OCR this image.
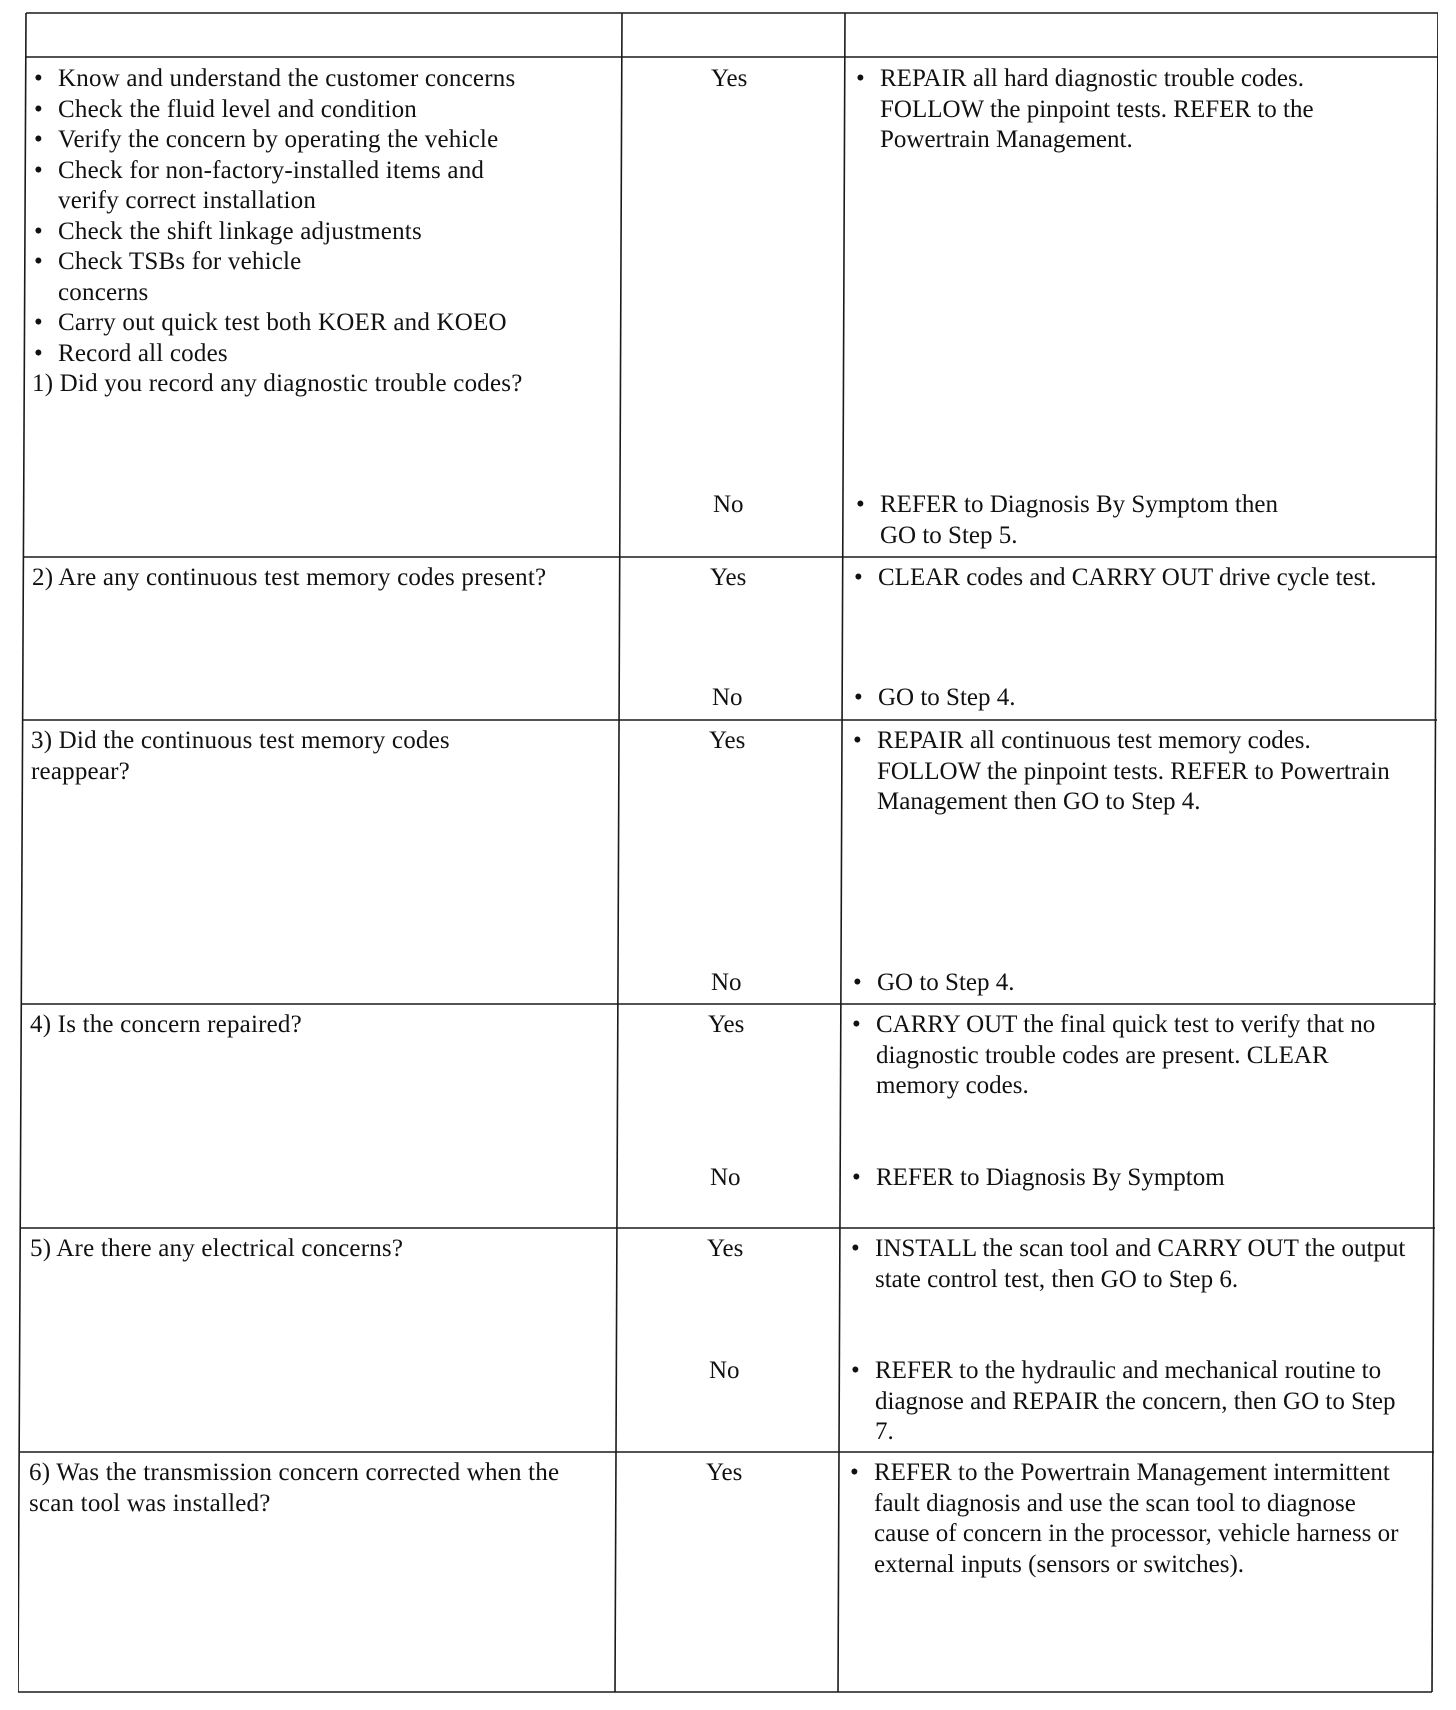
• Know and understand the customer concerns
• Check the fluid level and condition
• Verify the concern by operating the vehicle
• Check for non-factory-installed items and verify correct installation
• Check the shift linkage adjustments
• Check TSBs for vehicle concerns
• Carry out quick test both KOER and KOEO
• Record all codes

1) Did you record any diagnostic trouble codes?

Yes	• REPAIR all hard diagnostic trouble codes. FOLLOW the pinpoint tests. REFER to the Powertrain Management.
No	• REFER to Diagnosis By Symptom then GO to Step 5.

2) Are any continuous test memory codes present?	Yes	• CLEAR codes and CARRY OUT drive cycle test.
No	• GO to Step 4.

3) Did the continuous test memory codes reappear?

Yes	• REPAIR all continuous test memory codes. FOLLOW the pinpoint tests. REFER to Powertrain Management then GO to Step 4.
No	• GO to Step 4.

4) Is the concern repaired?	Yes	• CARRY OUT the final quick test to verify that no diagnostic trouble codes are present. CLEAR memory codes.
No	• REFER to Diagnosis By Symptom

5) Are there any electrical concerns?	Yes	• INSTALL the scan tool and CARRY OUT the output state control test, then GO to Step 6.
No	• REFER to the hydraulic and mechanical routine to diagnose and REPAIR the concern, then GO to Step 7.

6) Was the transmission concern corrected when the scan tool was installed?

Yes	• REFER to the Powertrain Management intermittent fault diagnosis and use the scan tool to diagnose cause of concern in the processor, vehicle harness or external inputs (sensors or switches).
